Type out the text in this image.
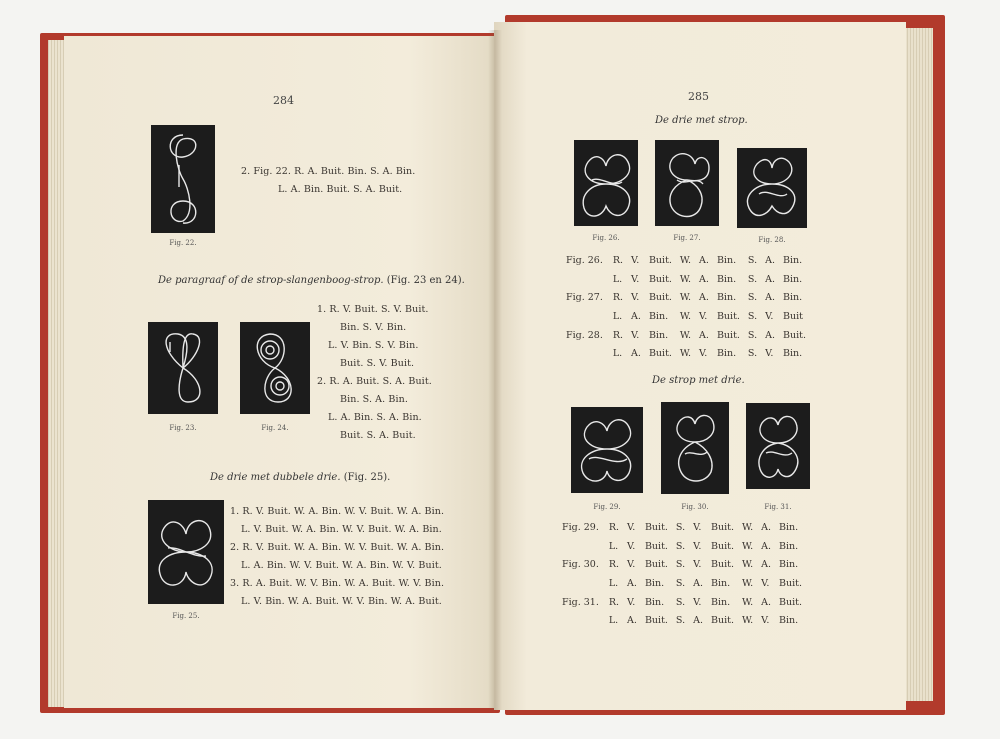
284
Fig. 22.
2. Fig. 22. R. A. Buit. Bin. S. A. Bin.
L. A. Bin. Buit. S. A. Buit.
De paragraaf of de strop-slangenboog-strop. (Fig. 23 en 24).
Fig. 23.	Fig. 24.
1. R. V. Buit. S. V. Buit.
Bin. S. V. Bin.
L. V. Bin. S. V. Bin.
Buit. S. V. Buit.
2. R. A. Buit. S. A. Buit.
Bin. S. A. Bin.
L. A. Bin. S. A. Bin.
Buit. S. A. Buit.
De drie met dubbele drie. (Fig. 25).
Fig. 25.
1. R. V. Buit. W. A. Bin. W. V. Buit. W. A. Bin.
L. V. Buit. W. A. Bin. W. V. Buit. W. A. Bin.
2. R. V. Buit. W. A. Bin. W. V. Buit. W. A. Bin.
L. A. Bin. W. V. Buit. W. A. Bin. W. V. Buit.
3. R. A. Buit. W. V. Bin. W. A. Buit. W. V. Bin.
L. V. Bin. W. A. Buit. W. V. Bin. W. A. Buit.
285
De drie met strop.
Fig. 26.	Fig. 27.	Fig. 28.
Fig. 26.	R.	V.	Buit.	W.	A.	Bin.	S.	A.	Bin.
	L.	V.	Buit.	W.	A.	Bin.	S.	A.	Bin.
Fig. 27.	R.	V.	Buit.	W.	A.	Bin.	S.	A.	Bin.
	L.	A.	Bin.	W.	V.	Buit.	S.	V.	Buit
Fig. 28.	R.	V.	Bin.	W.	A.	Buit.	S.	A.	Buit.
	L.	A.	Buit.	W.	V.	Bin.	S.	V.	Bin.
De strop met drie.
Fig. 29.	Fig. 30.	Fig. 31.
Fig. 29.	R.	V.	Buit.	S.	V.	Buit.	W.	A.	Bin.
	L.	V.	Buit.	S.	V.	Buit.	W.	A.	Bin.
Fig. 30.	R.	V.	Buit.	S.	V.	Buit.	W.	A.	Bin.
	L.	A.	Bin.	S.	A.	Bin.	W.	V.	Buit.
Fig. 31.	R.	V.	Bin.	S.	V.	Bin.	W.	A.	Buit.
	L.	A.	Buit.	S.	A.	Buit.	W.	V.	Bin.
